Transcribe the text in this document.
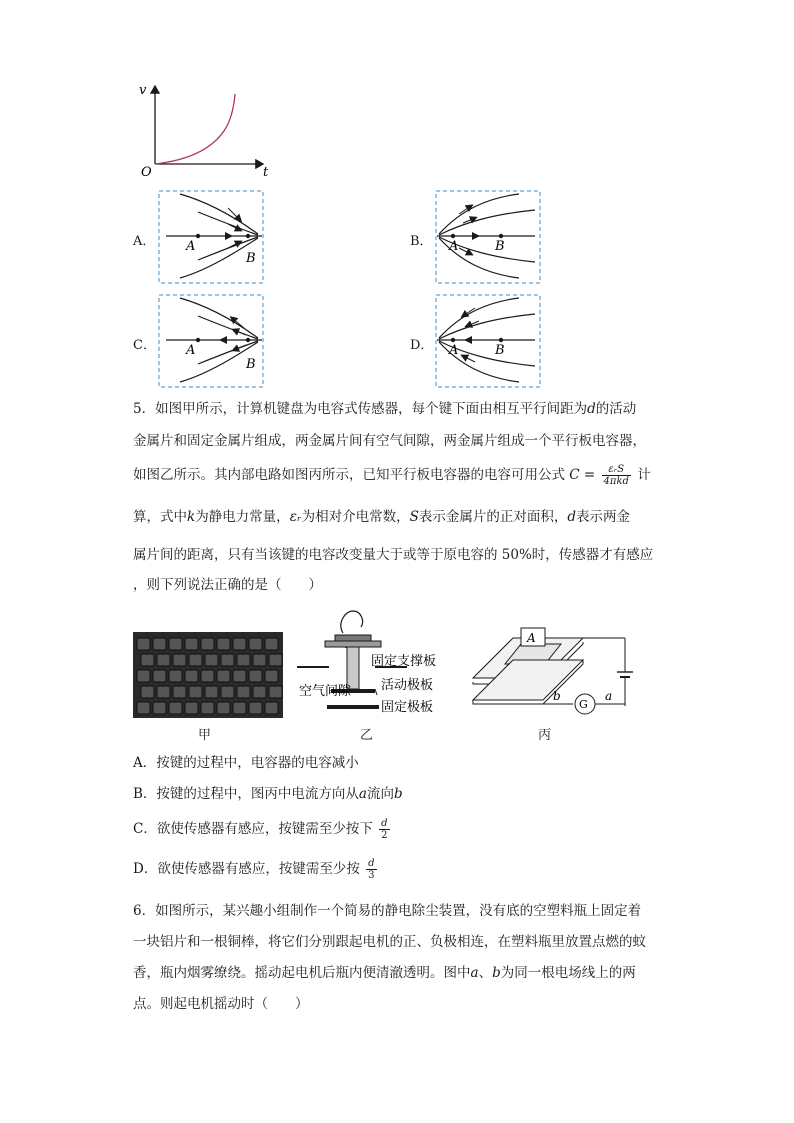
v
t
O
A．	B．
C．	D．
A
B
A	B
A
B
A	B
5．如图甲所示，计算机键盘为电容式传感器，每个键下面由相互平行间距为d的活动
金属片和固定金属片组成，两金属片间有空气间隙，两金属片组成一个平行板电容器，
如图乙所示。其内部电路如图丙所示，已知平行板电容器的电容可用公式 $C = \frac{\text{εᵣS}}{\text{4πkd}}$ 计
算，式中k为静电力常量，εᵣ为相对介电常数，S表示金属片的正对面积，d表示两金
属片间的距离，只有当该键的电容改变量大于或等于原电容的 50%时，传感器才有感应
，则下列说法正确的是（　　）
甲
固定支撑板
活动极板
固定极板
空气间隙
乙
A
b	a
G
丙
A．按键的过程中，电容器的电容减小
B．按键的过程中，图丙中电流方向从a流向b
C．欲使传感器有感应，按键需至少按下 $\frac{d}{2}$
D．欲使传感器有感应，按键需至少按 $\frac{d}{3}$
6．如图所示，某兴趣小组制作一个简易的静电除尘装置，没有底的空塑料瓶上固定着
一块铝片和一根铜棒，将它们分别跟起电机的正、负极相连，在塑料瓶里放置点燃的蚊
香，瓶内烟雾缭绕。摇动起电机后瓶内便清澈透明。图中a、b为同一根电场线上的两
点。则起电机摇动时（　　）
